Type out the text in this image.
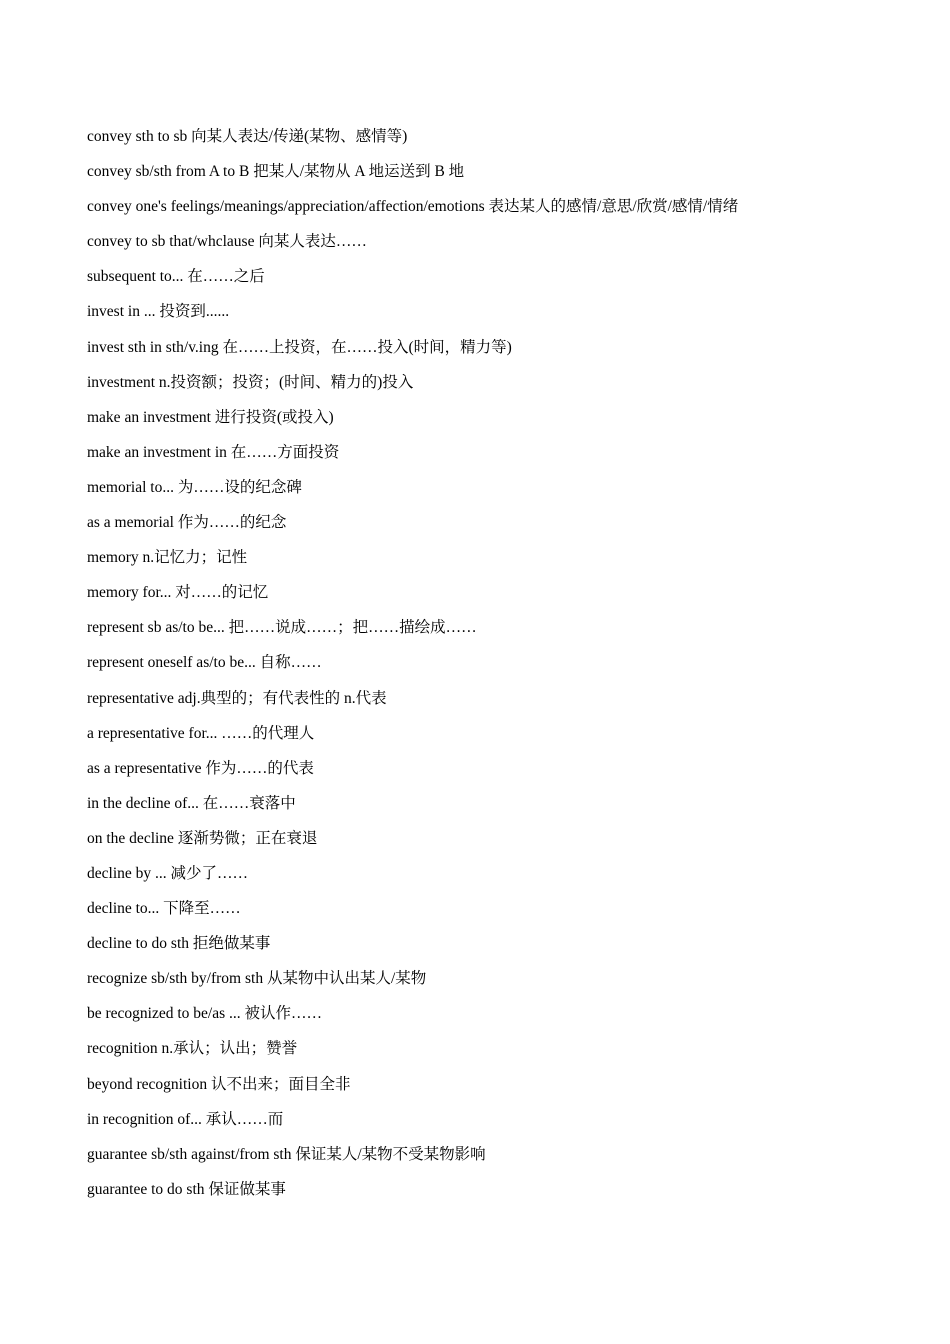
convey sth to sb 向某人表达/传递(某物、感情等)
convey sb/sth from A to B 把某人/某物从 A 地运送到 B 地
convey one's feelings/meanings/appreciation/affection/emotions 表达某人的感情/意思/欣赏/感情/情绪
convey to sb that/whclause 向某人表达……
subsequent to... 在……之后
invest in ... 投资到......
invest sth in sth/v.ing 在……上投资，在……投入(时间，精力等)
investment n.投资额；投资；(时间、精力的)投入
make an investment 进行投资(或投入)
make an investment in 在……方面投资
memorial to... 为……设的纪念碑
as a memorial 作为……的纪念
memory n.记忆力；记性
memory for... 对……的记忆
represent sb as/to be... 把……说成……；把……描绘成……
represent oneself as/to be... 自称……
representative adj.典型的；有代表性的 n.代表
a representative for... ……的代理人
as a representative 作为……的代表
in the decline of... 在……衰落中
on the decline 逐渐势微；正在衰退
decline by ... 减少了……
decline to... 下降至……
decline to do sth 拒绝做某事
recognize sb/sth by/from sth 从某物中认出某人/某物
be recognized to be/as ... 被认作……
recognition n.承认；认出；赞誉
beyond recognition 认不出来；面目全非
in recognition of... 承认……而
guarantee sb/sth against/from sth 保证某人/某物不受某物影响
guarantee to do sth 保证做某事
